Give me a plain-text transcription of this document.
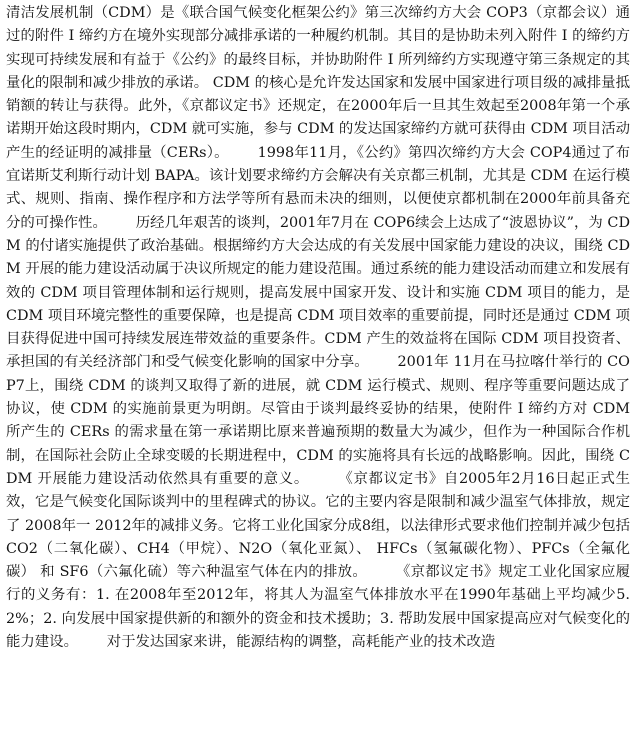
清洁发展机制（CDM）是《联合国气候变化框架公约》第三次缔约方大会 COP3（京都会议）通过的附件 I 缔约方在境外实现部分减排承诺的一种履约机制。其目的是协助未列入附件 I 的缔约方实现可持续发展和有益于《公约》的最终目标，并协助附件 I 所列缔约方实现遵守第三条规定的其量化的限制和减少排放的承诺。 CDM 的核心是允许发达国家和发展中国家进行项目级的减排量抵销额的转让与获得。此外，《京都议定书》还规定，在2000年后一旦其生效起至2008年第一个承诺期开始这段时期内，CDM 就可实施，参与 CDM 的发达国家缔约方就可获得由 CDM 项目活动产生的经证明的减排量（CERs）。   1998年11月，《公约》第四次缔约方大会 COP4通过了布宜诺斯艾利斯行动计划 BAPA。该计划要求缔约方会解决有关京都三机制，尤其是 CDM 在运行模式、规则、指南、操作程序和方法学等所有悬而未决的细则，以便使京都机制在2000年前具备充分的可操作性。   历经几年艰苦的谈判，2001年7月在 COP6续会上达成了“波恩协议”，为 CDM 的付诸实施提供了政治基础。根据缔约方大会达成的有关发展中国家能力建设的决议，围绕 CDM 开展的能力建设活动属于决议所规定的能力建设范围。通过系统的能力建设活动而建立和发展有效的 CDM 项目管理体制和运行规则，提高发展中国家开发、设计和实施 CDM 项目的能力，是 CDM 项目环境完整性的重要保障，也是提高 CDM 项目效率的重要前提，同时还是通过 CDM 项目获得促进中国可持续发展连带效益的重要条件。CDM 产生的效益将在国际 CDM 项目投资者、承担国的有关经济部门和受气候变化影响的国家中分享。   2001年 11月在马拉喀什举行的 COP7上，围绕 CDM 的谈判又取得了新的进展，就 CDM 运行模式、规则、程序等重要问题达成了协议，使 CDM 的实施前景更为明朗。尽管由于谈判最终妥协的结果，使附件 I 缔约方对 CDM 所产生的 CERs 的需求量在第一承诺期比原来普遍预期的数量大为减少，但作为一种国际合作机制，在国际社会防止全球变暖的长期进程中，CDM 的实施将具有长远的战略影响。因此，围绕 CDM 开展能力建设活动依然具有重要的意义。   《京都议定书》自2005年2月16日起正式生效，它是气候变化国际谈判中的里程碑式的协议。它的主要内容是限制和减少温室气体排放，规定了 2008年一 2012年的减排义务。它将工业化国家分成8组，以法律形式要求他们控制并减少包括 CO2（二氧化碳）、CH4（甲烷）、N2O（氧化亚氮）、 HFCs（氢氟碳化物）、PFCs（全氟化碳） 和 SF6（六氟化硫）等六种温室气体在内的排放。   《京都议定书》规定工业化国家应履行的义务有：1. 在2008年至2012年，将其人为温室气体排放水平在1990年基础上平均减少5.2%；2. 向发展中国家提供新的和额外的资金和技术援助；3. 帮助发展中国家提高应对气候变化的能力建设。   对于发达国家来讲，能源结构的调整，高耗能产业的技术改造
